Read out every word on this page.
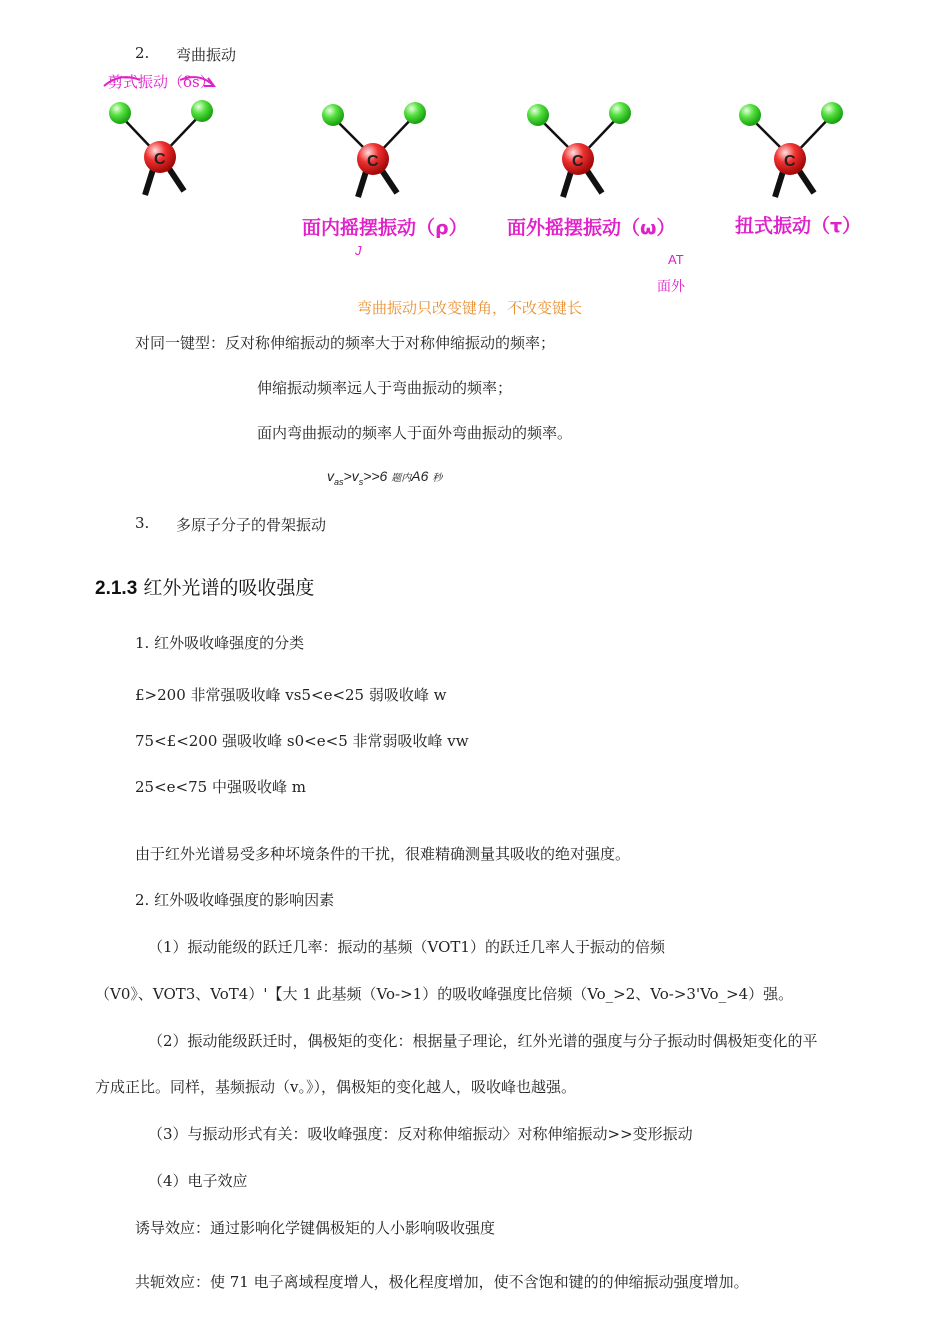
2. 弯曲振动
剪式振动（δs）
C	C	C	C
面内摇摆振动（ρ） 面外摇摆振动（ω）	扭式振动（τ）
J
AT
面外
弯曲振动只改变键角，不改变键长
对同一键型：反对称伸缩振动的频率大于对称伸缩振动的频率；
伸缩振动频率远人于弯曲振动的频率；
面内弯曲振动的频率人于面外弯曲振动的频率。
$v_{as}>v_s>>6$ 题内A6 秒
3. 多原子分子的骨架振动
2.1.3 红外光谱的吸收强度
1. 红外吸收峰强度的分类
£>200 非常强吸收峰 vs5<e<25 弱吸收峰 w
75<£<200 强吸收峰 s0<e<5 非常弱吸收峰 vw
25<e<75 中强吸收峰 m
由于红外光谱易受多种坏境条件的干扰，很难精确测量其吸收的绝对强度。
2. 红外吸收峰强度的影响因素
（1）振动能级的跃迁几率：振动的基频（VOT1）的跃迁几率人于振动的倍频
（V0》、VOT3、VoT4）'【大 1 此基频（Vo->1）的吸收峰强度比倍频（Vo_>2、Vo->3'Vo_>4）强。
（2）振动能级跃迁时，偶极矩的变化：根据量子理论，红外光谱的强度与分子振动时偶极矩变化的平
方成正比。同样，基频振动（v。》），偶极矩的变化越人，吸收峰也越强。
（3）与振动形式有关：吸收峰强度：反对称伸缩振动〉对称伸缩振动>>变形振动
（4）电子效应
诱导效应：通过影响化学键偶极矩的人小影响吸收强度
共轭效应：使 71 电子离域程度增人，极化程度增加，使不含饱和键的的伸缩振动强度增加。
